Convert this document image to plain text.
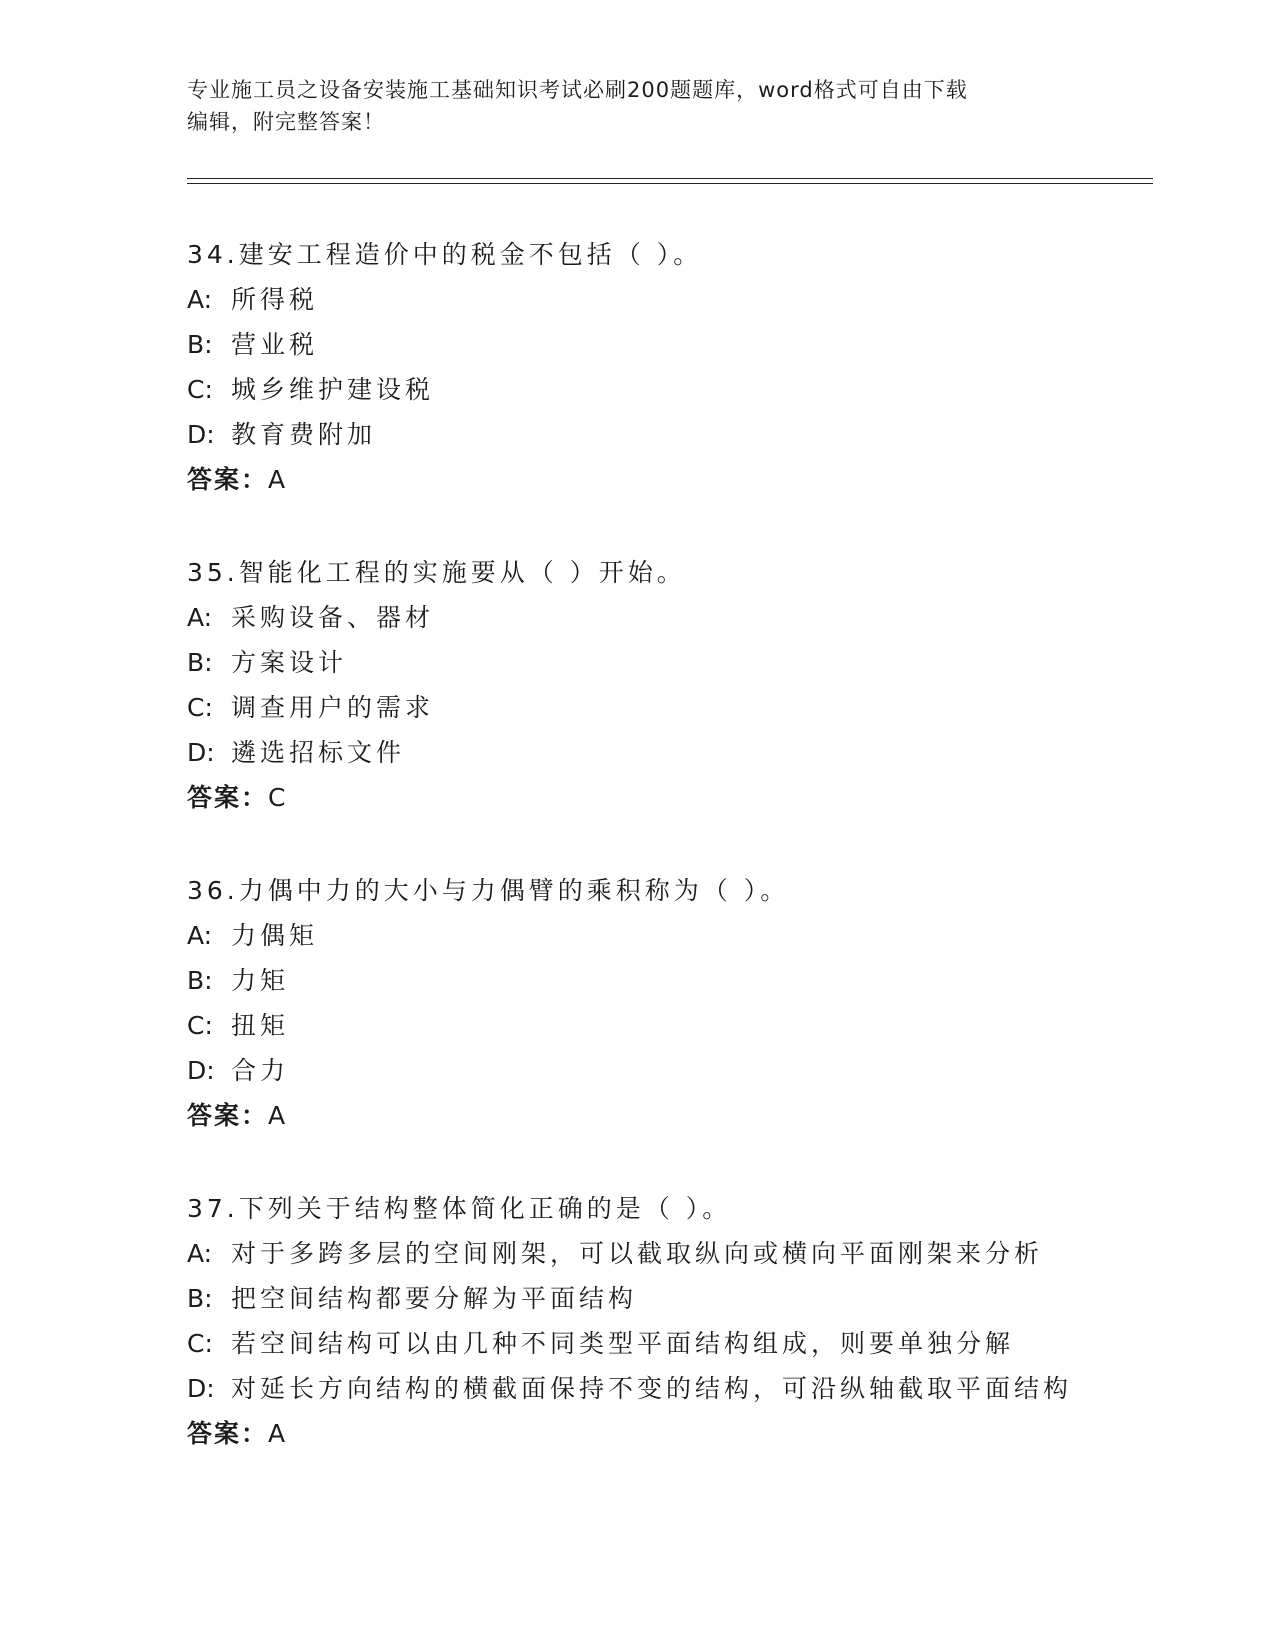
专业施工员之设备安装施工基础知识考试必刷200题题库，word格式可自由下载
编辑，附完整答案！
34.建安工程造价中的税金不包括（ ）。
A: 所得税
B: 营业税
C: 城乡维护建设税
D: 教育费附加
答案：A
35.智能化工程的实施要从（ ）开始。
A: 采购设备、器材
B: 方案设计
C: 调查用户的需求
D: 遴选招标文件
答案：C
36.力偶中力的大小与力偶臂的乘积称为（ ）。
A: 力偶矩
B: 力矩
C: 扭矩
D: 合力
答案：A
37.下列关于结构整体简化正确的是（ ）。
A: 对于多跨多层的空间刚架，可以截取纵向或横向平面刚架来分析
B: 把空间结构都要分解为平面结构
C: 若空间结构可以由几种不同类型平面结构组成，则要单独分解
D: 对延长方向结构的横截面保持不变的结构，可沿纵轴截取平面结构
答案：A
